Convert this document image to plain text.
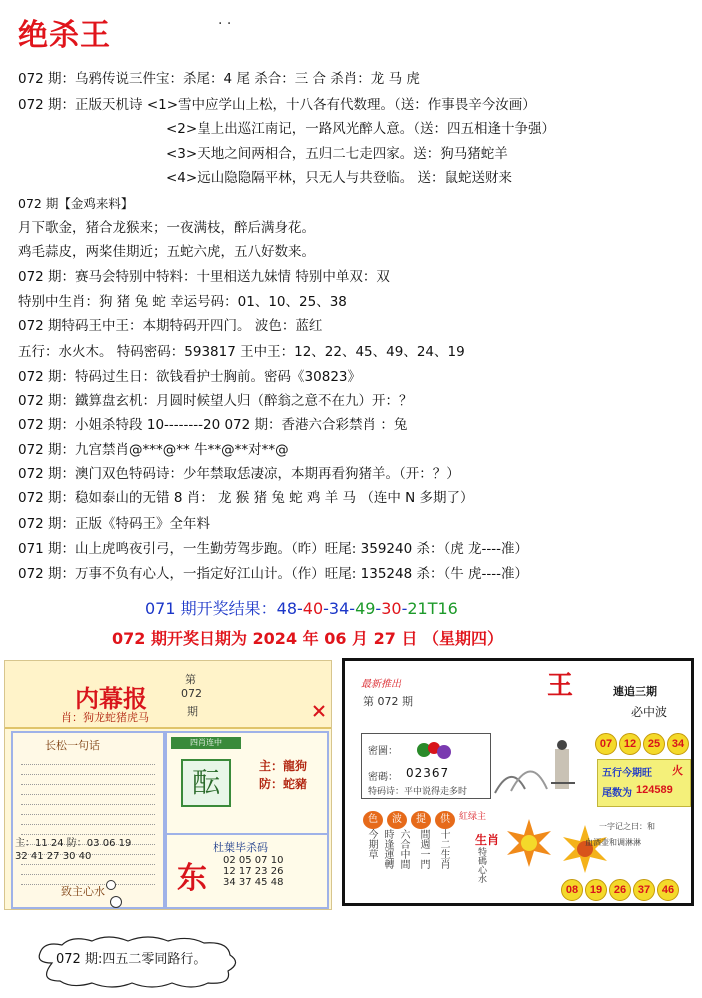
绝杀王	· ·
072 期：乌鸦传说三件宝：杀尾：4 尾 杀合：三 合 杀肖：龙 马 虎
072 期：正版天机诗 <1>雪中应学山上松，十八各有代数理。（送：作事畏辛今汝画）
<2>皇上出巡江南记，一路风光醉人意。（送：四五相逢十争强）
<3>天地之间两相合，五归二七走四家。送：狗马猪蛇羊
<4>远山隐隐隔平林，只无人与共登临。 送：鼠蛇送财来
072 期【金鸡来料】
月下歌金，猪合龙猴来；一夜满枝，醉后满身花。
鸡毛蒜皮，两桨佳期近；五蛇六虎，五八好数来。
072 期：赛马会特别中特料：十里相送九妹情 特别中单双：双
特别中生肖：狗 猪 兔 蛇 幸运号码：01、10、25、38
072 期特码王中王：本期特码开四门。 波色：蓝红
五行：水火木。 特码密码：593817 王中王：12、22、45、49、24、19
072 期：特码过生日：欲钱看护士胸前。密码《30823》
072 期：鐵算盘玄机：月圆时候望人归（醉翁之意不在九）开：？
072 期：小姐杀特段 10--------20 072 期：香港六合彩禁肖 ：兔
072 期：九宫禁肖@***@** 牛**@**对**@
072 期：澳门双色特码诗：少年禁取恁凄凉，本期再看狗猪羊。（开：？）
072 期：稳如泰山的无错 8 肖： 龙 猴 猪 兔 蛇 鸡 羊 马 （连中 N 多期了）
072 期：正版《特码王》全年料
071 期：山上虎鸣夜引弓，一生勤劳驾步跑。（昨）旺尾: 359240 杀：（虎 龙----准）
072 期：万事不负有心人，一指定好江山计。（作）旺尾: 135248 杀：（牛 虎----准）
071 期开奖结果：48-40-34-49-30-21T16
072 期开奖日期为 2024 年 06 月 27 日 （星期四）
内幕报
第
072
期
肖：狗龙蛇猪虎马
长松一句话
致主心水
主：11 24 防：03 06 19
32 41 27 30 40
四肖连中
酝	主：龍狗
防：蛇豬
东
杜葉毕杀码
02 05 07 10
12 17 23 26
34 37 45 48
最新推出
第 072 期
王	連追三期
必中波
密圖：
密碼： 02367
特码诗：平中说得走多时
07	12	25	34
五行今期旺 火
尾数为 124589
色 波 提 供	紅绿主
今期草 時逢運轉 六合中間 間週一門 十二生肖 生肖
特碼心水
一字记之曰：和
血酒壶和调淋淋
08	19	26	37	46
072 期:四五二零同路行。
